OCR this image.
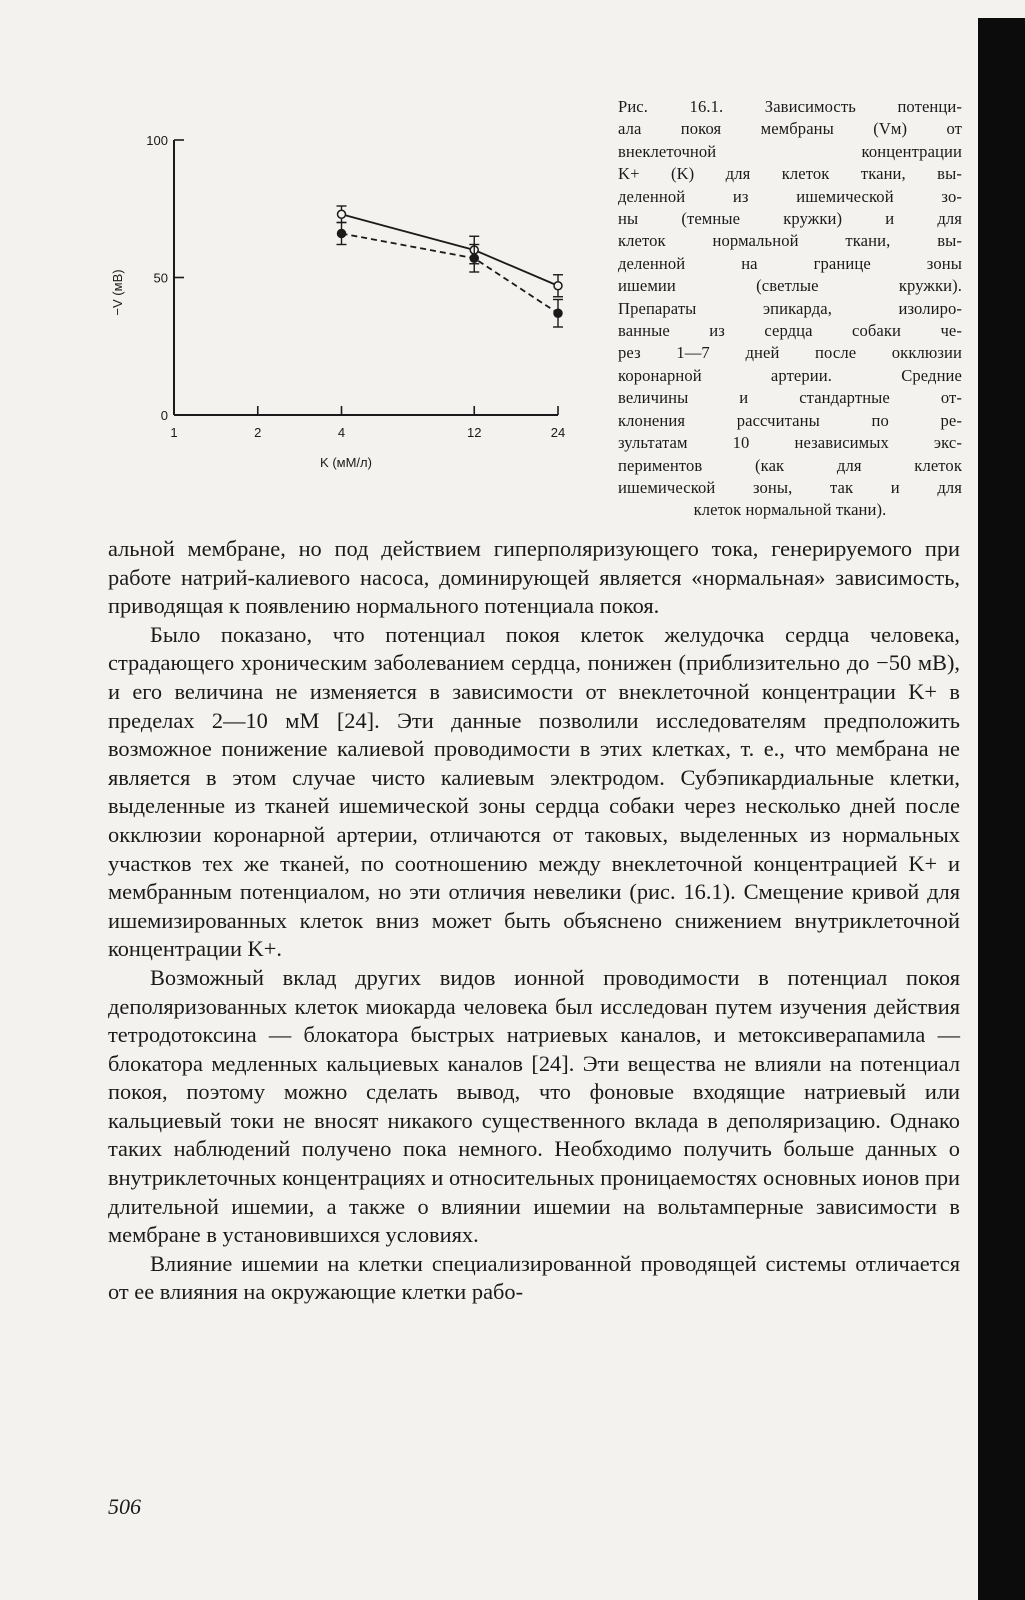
0
50
100
1	2	4	12	24
K (мМ/л)
−V (мВ)
Рис. 16.1. Зависимость потенци-
ала покоя мембраны (Vм) от
внеклеточной концентрации
K+ (K) для клеток ткани, вы-
деленной из ишемической зо-
ны (темные кружки) и для
клеток нормальной ткани, вы-
деленной на границе зоны
ишемии (светлые кружки).
Препараты эпикарда, изолиро-
ванные из сердца собаки че-
рез 1—7 дней после окклюзии
коронарной артерии. Средние
величины и стандартные от-
клонения рассчитаны по ре-
зультатам 10 независимых экс-
периментов (как для клеток
ишемической зоны, так и для
клеток нормальной ткани).

альной мембране, но под действием гиперполяризующего тока, генерируемого при работе натрий-калиевого насоса, доминирующей является «нормальная» зависимость, приводящая к появлению нормального потенциала покоя.

Было показано, что потенциал покоя клеток желудочка сердца человека, страдающего хроническим заболеванием сердца, понижен (приблизительно до −50 мВ), и его величина не изменяется в зависимости от внеклеточной концентрации K+ в пределах 2—10 мМ [24]. Эти данные позволили исследователям предположить возможное понижение калиевой проводимости в этих клетках, т. е., что мембрана не является в этом случае чисто калиевым электродом. Субэпикардиальные клетки, выделенные из тканей ишемической зоны сердца собаки через несколько дней после окклюзии коронарной артерии, отличаются от таковых, выделенных из нормальных участков тех же тканей, по соотношению между внеклеточной концентрацией K+ и мембранным потенциалом, но эти отличия невелики (рис. 16.1). Смещение кривой для ишемизированных клеток вниз может быть объяснено снижением внутриклеточной концентрации K+.

Возможный вклад других видов ионной проводимости в потенциал покоя деполяризованных клеток миокарда человека был исследован путем изучения действия тетродотоксина — блокатора быстрых натриевых каналов, и метоксиверапамила — блокатора медленных кальциевых каналов [24]. Эти вещества не влияли на потенциал покоя, поэтому можно сделать вывод, что фоновые входящие натриевый или кальциевый токи не вносят никакого существенного вклада в деполяризацию. Однако таких наблюдений получено пока немного. Необходимо получить больше данных о внутриклеточных концентрациях и относительных проницаемостях основных ионов при длительной ишемии, а также о влиянии ишемии на вольтамперные зависимости в мембране в установившихся условиях.

Влияние ишемии на клетки специализированной проводящей системы отличается от ее влияния на окружающие клетки рабо-

506
